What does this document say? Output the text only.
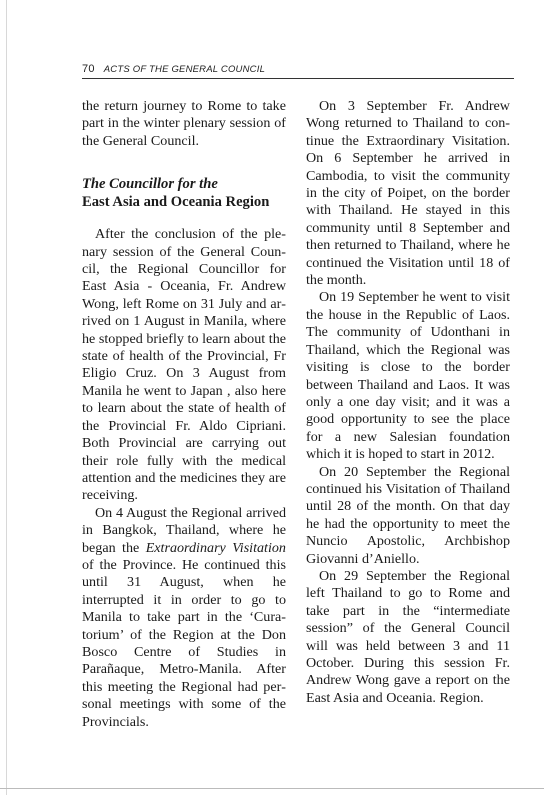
70 ACTS OF THE GENERAL COUNCIL

the return journey to Rome to take part in the winter plenary session of the General Council.

The Councillor for the
East Asia and Oceania Region

After the conclusion of the plenary session of the General Council, the Regional Councillor for East Asia - Oceania, Fr. Andrew Wong, left Rome on 31 July and arrived on 1 August in Manila, where he stopped briefly to learn about the state of health of the Provincial, Fr Eligio Cruz. On 3 August from Manila he went to Japan , also here to learn about the state of health of the Provincial Fr. Aldo Cipriani. Both Provincial are carrying out their role fully with the medical attention and the medicines they are receiving.

On 4 August the Regional arrived in Bangkok, Thailand, where he began the Extraordinary Visitation of the Province. He continued this until 31 August, when he interrupted it in order to go to Manila to take part in the ‘Curatorium’ of the Region at the Don Bosco Centre of Studies in Parañaque, Metro-Manila. After this meeting the Regional had personal meetings with some of the Provincials.

On 3 September Fr. Andrew Wong returned to Thailand to continue the Extraordinary Visitation. On 6 September he arrived in Cambodia, to visit the community in the city of Poipet, on the border with Thailand. He stayed in this community until 8 September and then returned to Thailand, where he continued the Visitation until 18 of the month.

On 19 September he went to visit the house in the Republic of Laos. The community of Udonthani in Thailand, which the Regional was visiting is close to the border between Thailand and Laos. It was only a one day visit; and it was a good opportunity to see the place for a new Salesian foundation which it is hoped to start in 2012.

On 20 September the Regional continued his Visitation of Thailand until 28 of the month. On that day he had the opportunity to meet the Nuncio Apostolic, Archbishop Giovanni d’Aniello.

On 29 September the Regional left Thailand to go to Rome and take part in the “intermediate session” of the General Council will was held between 3 and 11 October. During this session Fr. Andrew Wong gave a report on the East Asia and Oceania. Region.
